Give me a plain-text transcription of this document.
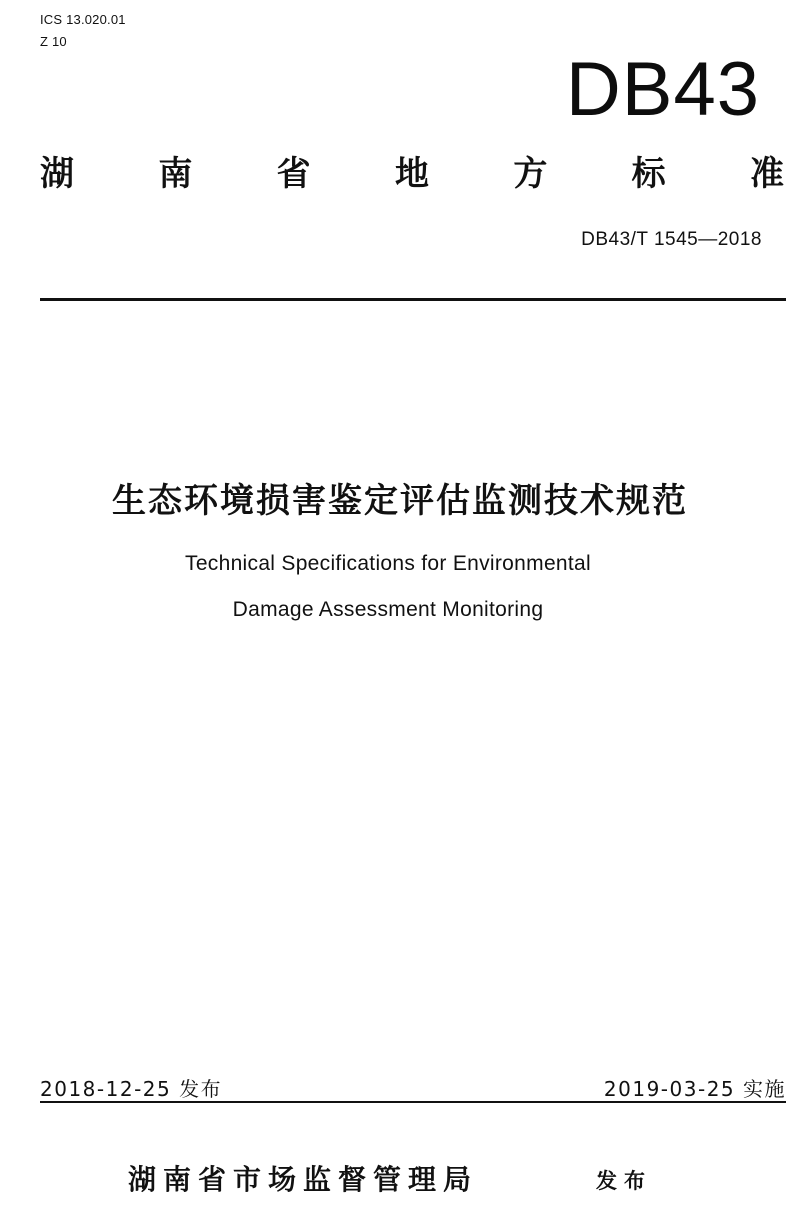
ICS 13.020.01
Z 10
DB43
湖 南 省 地 方 标 准
DB43/T 1545—2018
生态环境损害鉴定评估监测技术规范
Technical Specifications for Environmental
Damage Assessment Monitoring
2018-12-25 发布	2019-03-25 实施
湖南省市场监督管理局	发布
